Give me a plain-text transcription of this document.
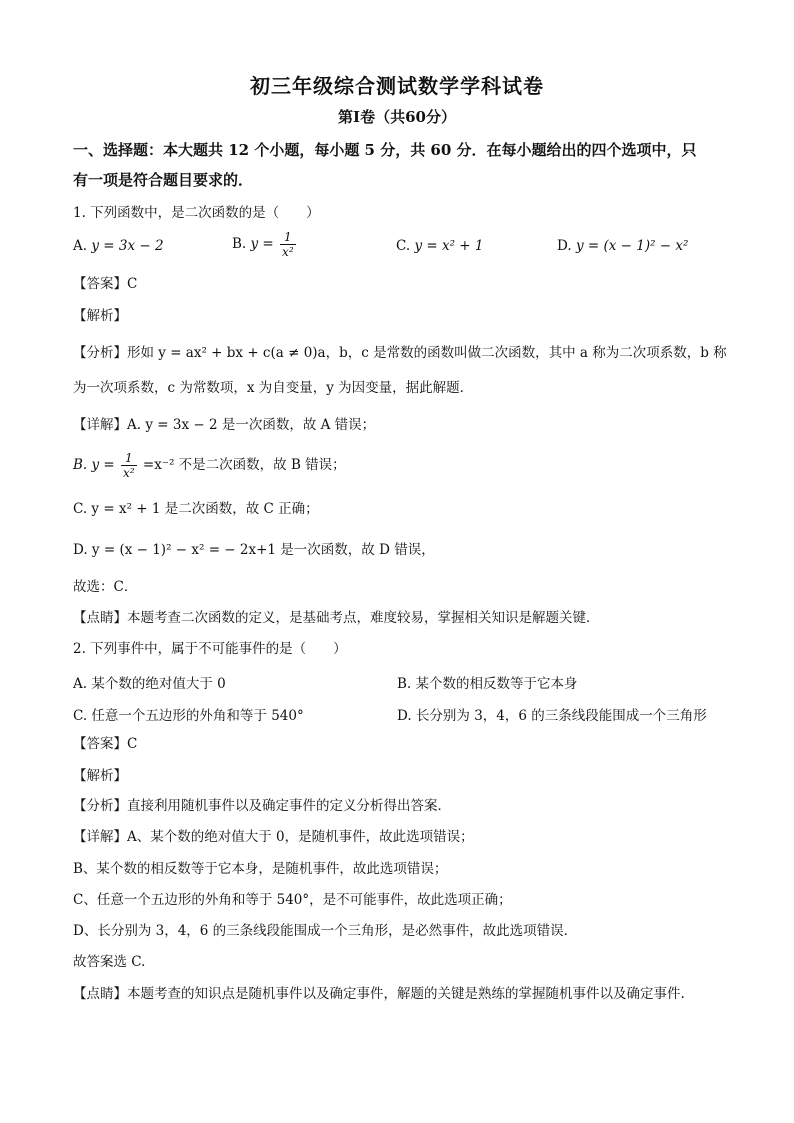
初三年级综合测试数学学科试卷
第Ⅰ卷（共60分）
一、选择题：本大题共 12 个小题，每小题 5 分，共 60 分．在每小题给出的四个选项中，只
有一项是符合题目要求的．
1. 下列函数中，是二次函数的是（　　）
A. y = 3x − 2	B. $y = \frac{1}{\text{x²}}$	C. y = x² + 1	D. y = (x − 1)² − x²
【答案】C
【解析】
【分析】形如 y = ax² + bx + c(a ≠ 0)a，b，c 是常数的函数叫做二次函数，其中 a 称为二次项系数，b 称
为一次项系数，c 为常数项，x 为自变量，y 为因变量，据此解题．
【详解】A. y = 3x − 2 是一次函数，故 A 错误；
B. $y = \frac{1}{\text{x²}} =x^{-2}$ 不是二次函数，故 B 错误；
C. y = x² + 1 是二次函数，故 C 正确；
D. y = (x − 1)² − x² = − 2x+1 是一次函数，故 D 错误，
故选：C．
【点睛】本题考查二次函数的定义，是基础考点，难度较易，掌握相关知识是解题关键．
2. 下列事件中，属于不可能事件的是（　　）
A. 某个数的绝对值大于 0	B. 某个数的相反数等于它本身
C. 任意一个五边形的外角和等于 540°	D. 长分别为 3，4，6 的三条线段能围成一个三角形
【答案】C
【解析】
【分析】直接利用随机事件以及确定事件的定义分析得出答案．
【详解】A、某个数的绝对值大于 0，是随机事件，故此选项错误；
B、某个数的相反数等于它本身，是随机事件，故此选项错误；
C、任意一个五边形的外角和等于 540°，是不可能事件，故此选项正确；
D、长分别为 3，4，6 的三条线段能围成一个三角形，是必然事件，故此选项错误．
故答案选 C.
【点睛】本题考查的知识点是随机事件以及确定事件，解题的关键是熟练的掌握随机事件以及确定事件.
